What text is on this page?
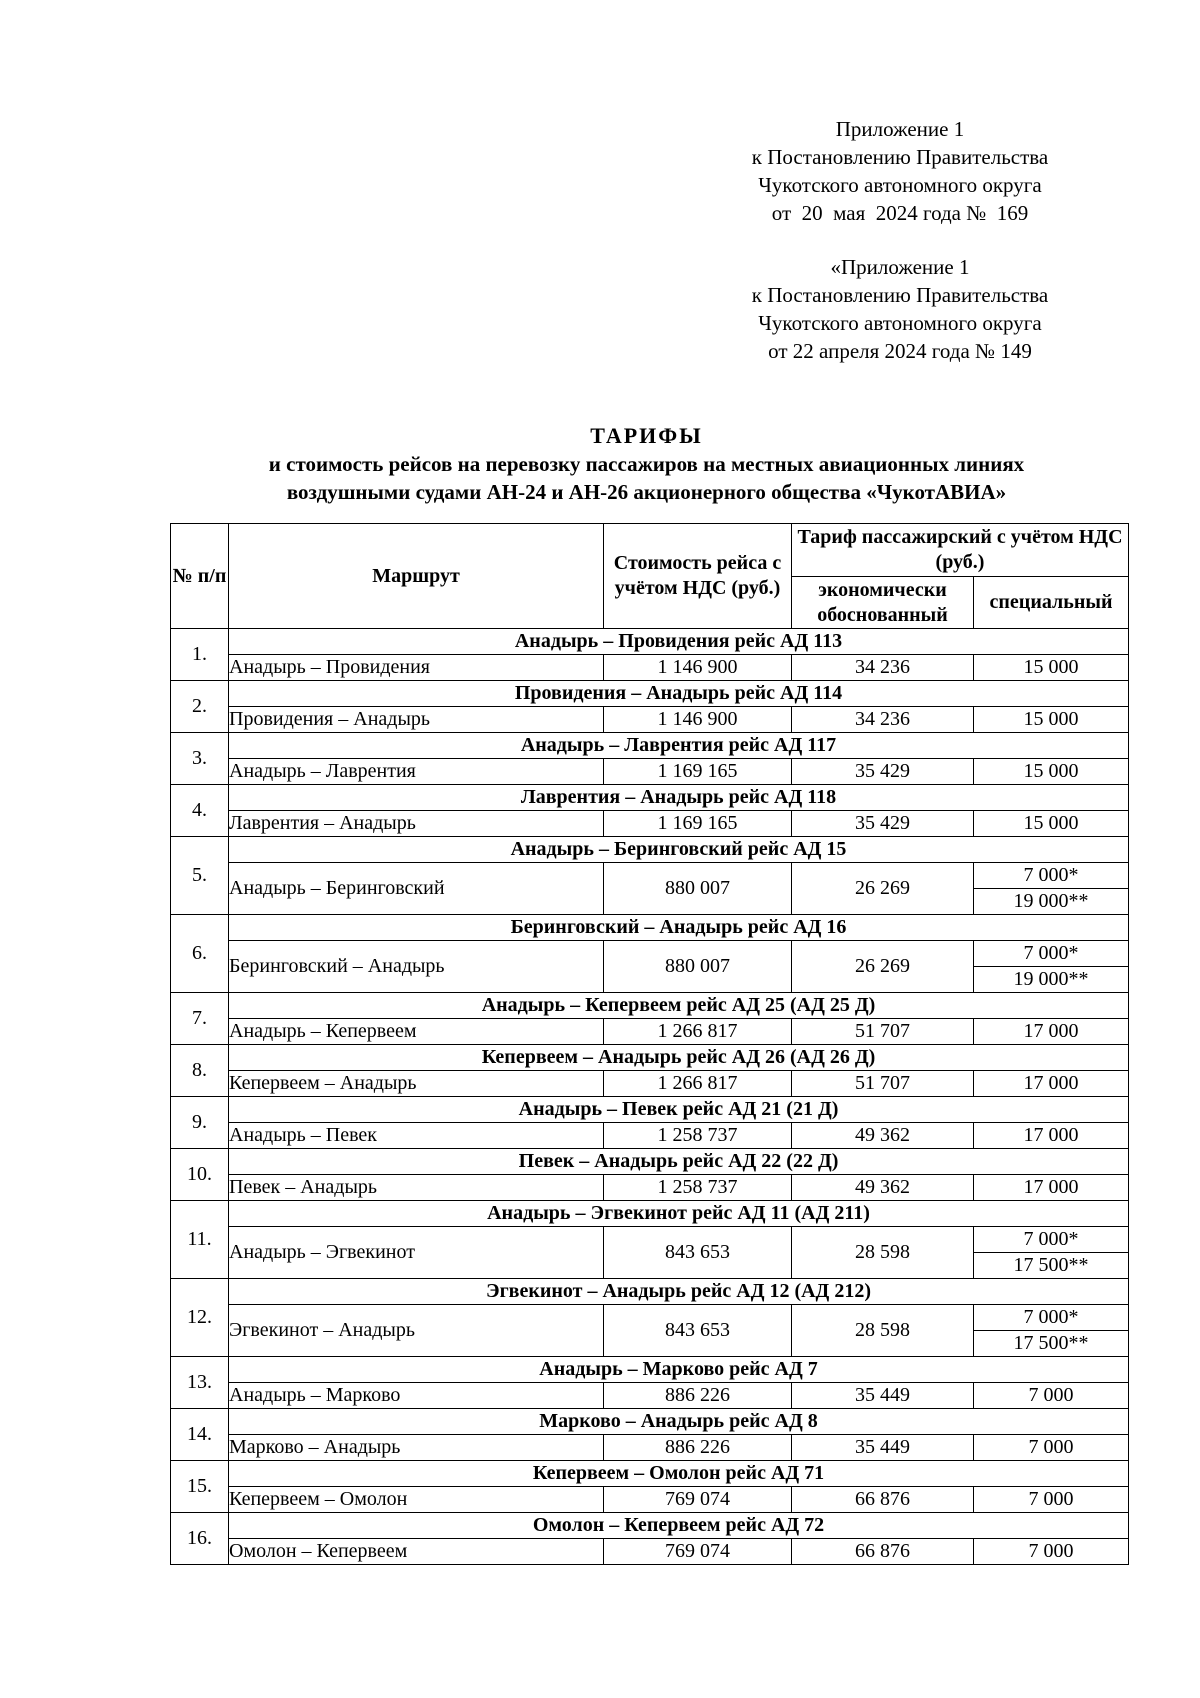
Приложение 1
к Постановлению Правительства
Чукотского автономного округа
от  20  мая  2024 года №  169
«Приложение 1
к Постановлению Правительства
Чукотского автономного округа
от 22 апреля 2024 года № 149
ТАРИФЫ
и стоимость рейсов на перевозку пассажиров на местных авиационных линиях
воздушными судами АН-24 и АН-26 акционерного общества «ЧукотАВИА»
№ п/п	Маршрут	Стоимость рейса с учётом НДС (руб.)	Тариф пассажирский с учётом НДС (руб.)	
			экономически обоснованный	специальный
1.	Анадырь – Провидения рейс АД 113			
	Анадырь – Провидения	1 146 900	34 236	15 000
2.	Провидения – Анадырь рейс АД 114			
	Провидения – Анадырь	1 146 900	34 236	15 000
3.	Анадырь – Лаврентия рейс АД 117			
	Анадырь – Лаврентия	1 169 165	35 429	15 000
4.	Лаврентия – Анадырь рейс АД 118			
	Лаврентия – Анадырь	1 169 165	35 429	15 000
5.	Анадырь – Беринговский рейс АД 15			
	Анадырь – Беринговский	880 007	26 269	7 000*
				19 000**
6.	Беринговский – Анадырь рейс АД 16			
	Беринговский – Анадырь	880 007	26 269	7 000*
				19 000**
7.	Анадырь – Кепервеем рейс АД 25 (АД 25 Д)			
	Анадырь – Кепервеем	1 266 817	51 707	17 000
8.	Кепервеем – Анадырь рейс АД 26 (АД 26 Д)			
	Кепервеем – Анадырь	1 266 817	51 707	17 000
9.	Анадырь – Певек рейс АД 21 (21 Д)			
	Анадырь – Певек	1 258 737	49 362	17 000
10.	Певек – Анадырь рейс АД 22 (22 Д)			
	Певек – Анадырь	1 258 737	49 362	17 000
11.	Анадырь – Эгвекинот рейс АД 11 (АД 211)			
	Анадырь – Эгвекинот	843 653	28 598	7 000*
				17 500**
12.	Эгвекинот – Анадырь рейс АД 12 (АД 212)			
	Эгвекинот – Анадырь	843 653	28 598	7 000*
				17 500**
13.	Анадырь – Марково рейс АД 7			
	Анадырь – Марково	886 226	35 449	7 000
14.	Марково – Анадырь рейс АД 8			
	Марково – Анадырь	886 226	35 449	7 000
15.	Кепервеем – Омолон рейс АД 71			
	Кепервеем – Омолон	769 074	66 876	7 000
16.	Омолон – Кепервеем рейс АД 72			
	Омолон – Кепервеем	769 074	66 876	7 000
